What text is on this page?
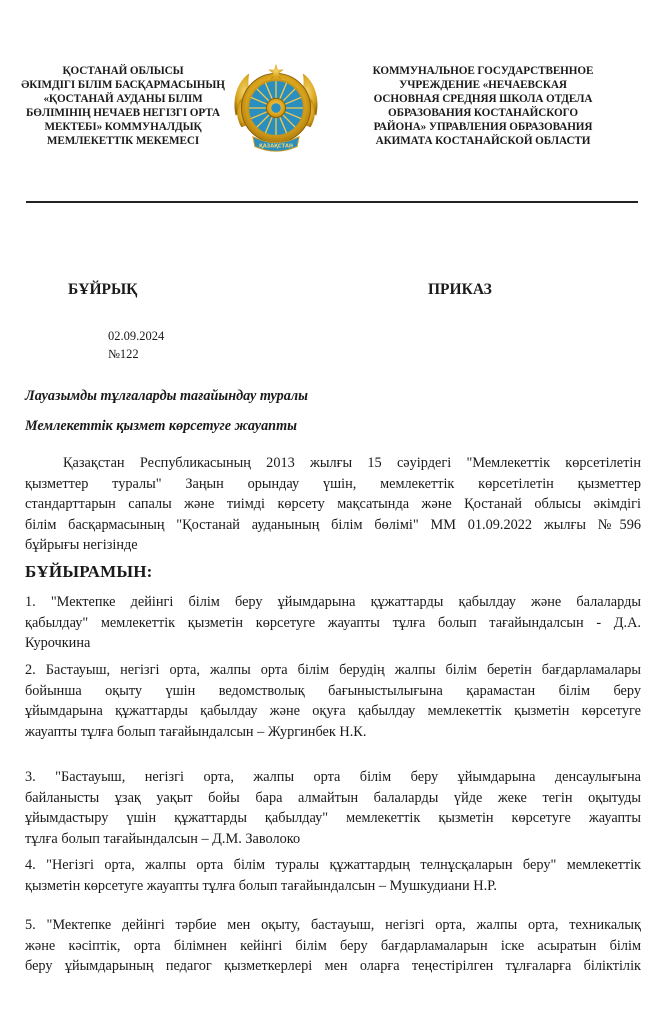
ҚОСТАНАЙ ОБЛЫСЫ
ӘКІМДІГІ БІЛІМ БАСҚАРМАСЫНЫҢ
«ҚОСТАНАЙ АУДАНЫ БІЛІМ
БӨЛІМІНІҢ НЕЧАЕВ НЕГІЗГІ ОРТА
МЕКТЕБІ» КОММУНАЛДЫҚ
МЕМЛЕКЕТТІК МЕКЕМЕСІ	ҚАЗАҚСТАН
КОММУНАЛЬНОЕ ГОСУДАРСТВЕННОЕ
УЧРЕЖДЕНИЕ «НЕЧАЕВСКАЯ
ОСНОВНАЯ СРЕДНЯЯ ШКОЛА ОТДЕЛА
ОБРАЗОВАНИЯ КОСТАНАЙСКОГО
РАЙОНА» УПРАВЛЕНИЯ ОБРАЗОВАНИЯ
АКИМАТА КОСТАНАЙСКОЙ ОБЛАСТИ
БҰЙРЫҚ	ПРИКАЗ
02.09.2024
№122
Лауазымды тұлғаларды тағайындау туралы
Мемлекеттік қызмет көрсетуге жауапты
Қазақстан Республикасының 2013 жылғы 15 сәуірдегі "Мемлекеттік көрсетілетін
қызметтер туралы" Заңын орындау үшін, мемлекеттік көрсетілетін қызметтер
стандарттарын сапалы және тиімді көрсету мақсатында және Қостанай облысы әкімдігі
білім басқармасының "Қостанай ауданының білім бөлімі" ММ 01.09.2022 жылғы №596
бұйрығы негізінде
БҰЙЫРАМЫН:
1. "Мектепке дейінгі білім беру ұйымдарына құжаттарды қабылдау және балаларды
қабылдау" мемлекеттік қызметін көрсетуге жауапты тұлға болып тағайындалсын - Д.А.
Курочкина
2. Бастауыш, негізгі орта, жалпы орта білім берудің жалпы білім беретін бағдарламалары
бойынша оқыту үшін ведомстволық бағыныстылығына қарамастан білім беру
ұйымдарына құжаттарды қабылдау және оқуға қабылдау мемлекеттік қызметін көрсетуге
жауапты тұлға болып тағайындалсын – Жургинбек Н.К.
3. "Бастауыш, негізгі орта, жалпы орта білім беру ұйымдарына денсаулығына
байланысты ұзақ уақыт бойы бара алмайтын балаларды үйде жеке тегін оқытуды
ұйымдастыру үшін құжаттарды қабылдау" мемлекеттік қызметін көрсетуге жауапты
тұлға болып тағайындалсын – Д.М. Заволоко
4. "Негізгі орта, жалпы орта білім туралы құжаттардың телнұсқаларын беру" мемлекеттік
қызметін көрсетуге жауапты тұлға болып тағайындалсын – Мушкудиани Н.Р.
5. "Мектепке дейінгі тәрбие мен оқыту, бастауыш, негізгі орта, жалпы орта, техникалық
және кәсіптік, орта білімнен кейінгі білім беру бағдарламаларын іске асыратын білім
беру ұйымдарының педагог қызметкерлері мен оларға теңестірілген тұлғаларға біліктілік
